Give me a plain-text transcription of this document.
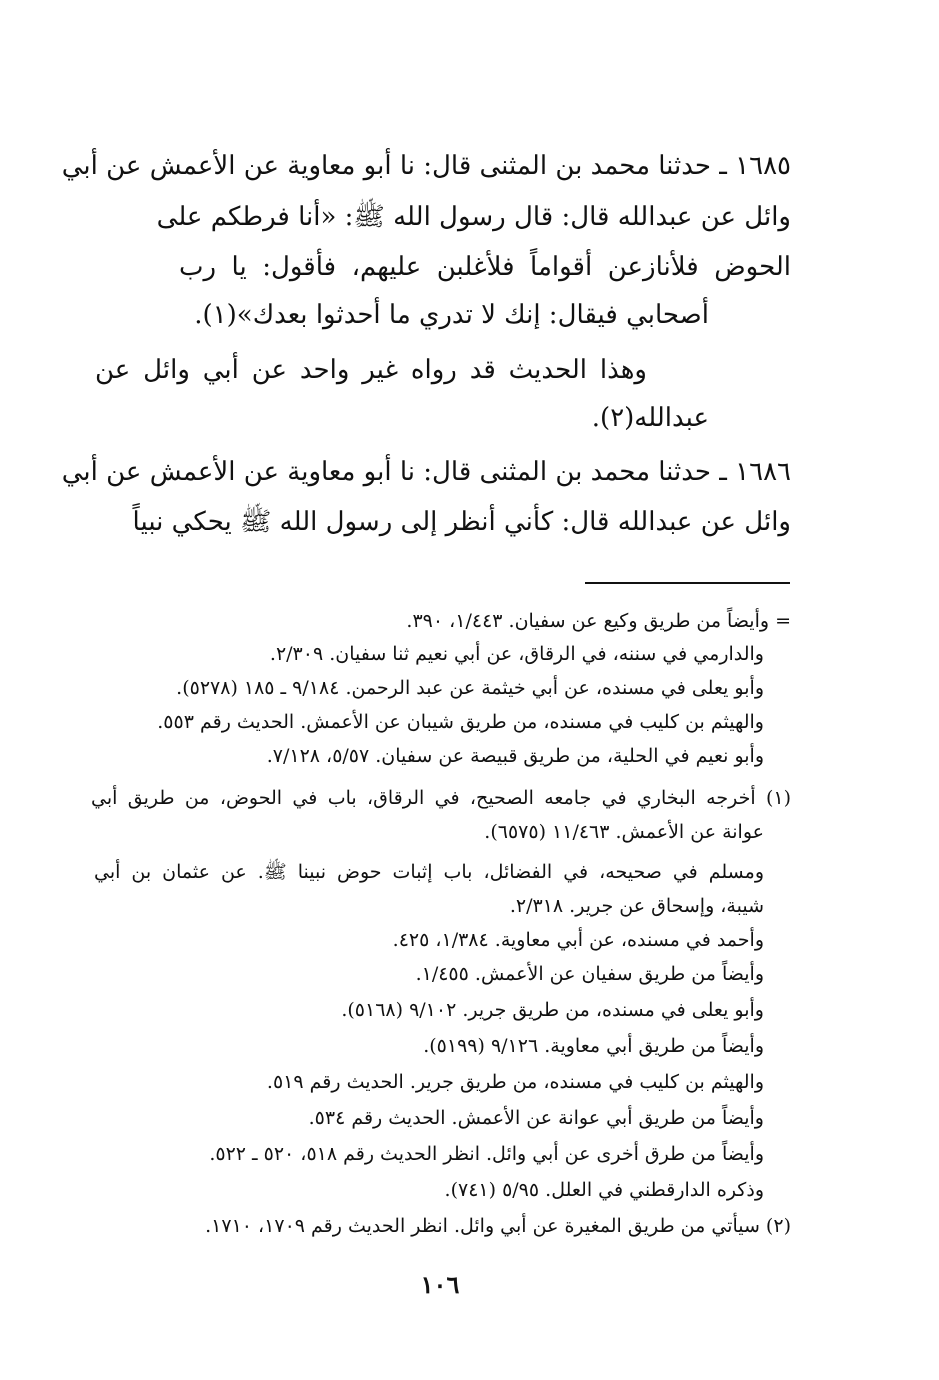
١٦٨٥ ـ حدثنا محمد بن المثنى قال: نا أبو معاوية عن الأعمش عن أبي
وائل عن عبدالله قال: قال رسول الله ﷺ: «أنا فرطكم على
الحوض فلأنازعن أقواماً فلأغلبن عليهم، فأقول: يا رب
أصحابي فيقال: إنك لا تدري ما أحدثوا بعدك»(١).
وهذا الحديث قد رواه غير واحد عن أبي وائل عن
عبدالله(٢).
١٦٨٦ ـ حدثنا محمد بن المثنى قال: نا أبو معاوية عن الأعمش عن أبي
وائل عن عبدالله قال: كأني أنظر إلى رسول الله ﷺ يحكي نبياً
= وأيضاً من طريق وكيع عن سفيان. ١/٤٤٣، ٣٩٠.
والدارمي في سننه، في الرقاق، عن أبي نعيم ثنا سفيان. ٢/٣٠٩.
وأبو يعلى في مسنده، عن أبي خيثمة عن عبد الرحمن. ٩/١٨٤ ـ ١٨٥ (٥٢٧٨).
والهيثم بن كليب في مسنده، من طريق شيبان عن الأعمش. الحديث رقم ٥٥٣.
وأبو نعيم في الحلية، من طريق قبيصة عن سفيان. ٥/٥٧، ٧/١٢٨.
(١) أخرجه البخاري في جامعه الصحيح، في الرقاق، باب في الحوض، من طريق أبي
عوانة عن الأعمش. ١١/٤٦٣ (٦٥٧٥).
ومسلم في صحيحه، في الفضائل، باب إثبات حوض نبينا ﷺ. عن عثمان بن أبي
شيبة، وإسحاق عن جرير. ٢/٣١٨.
وأحمد في مسنده، عن أبي معاوية. ١/٣٨٤، ٤٢٥.
وأيضاً من طريق سفيان عن الأعمش. ١/٤٥٥.
وأبو يعلى في مسنده، من طريق جرير. ٩/١٠٢ (٥١٦٨).
وأيضاً من طريق أبي معاوية. ٩/١٢٦ (٥١٩٩).
والهيثم بن كليب في مسنده، من طريق جرير. الحديث رقم ٥١٩.
وأيضاً من طريق أبي عوانة عن الأعمش. الحديث رقم ٥٣٤.
وأيضاً من طرق أخرى عن أبي وائل. انظر الحديث رقم ٥١٨، ٥٢٠ ـ ٥٢٢.
وذكره الدارقطني في العلل. ٥/٩٥ (٧٤١).
(٢) سيأتي من طريق المغيرة عن أبي وائل. انظر الحديث رقم ١٧٠٩، ١٧١٠.
١٠٦
